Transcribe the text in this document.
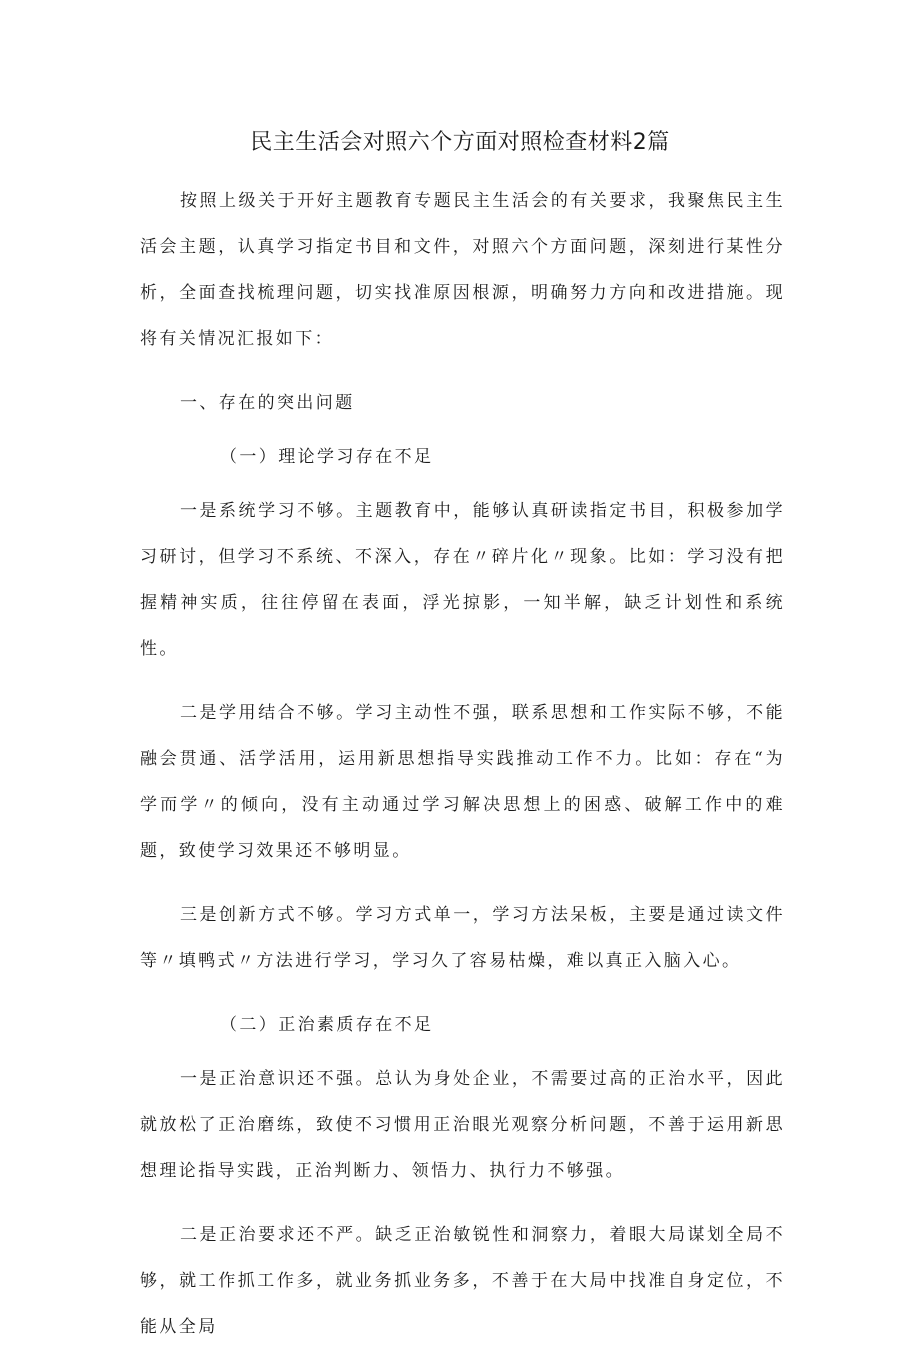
民主生活会对照六个方面对照检查材料2篇

按照上级关于开好主题教育专题民主生活会的有关要求，我聚焦民主生活会主题，认真学习指定书目和文件，对照六个方面问题，深刻进行某性分析，全面查找梳理问题，切实找准原因根源，明确努力方向和改进措施。现将有关情况汇报如下：

一、存在的突出问题

（一）理论学习存在不足

一是系统学习不够。主题教育中，能够认真研读指定书目，积极参加学习研讨，但学习不系统、不深入，存在〃碎片化〃现象。比如：学习没有把握精神实质，往往停留在表面，浮光掠影，一知半解，缺乏计划性和系统性。

二是学用结合不够。学习主动性不强，联系思想和工作实际不够，不能融会贯通、活学活用，运用新思想指导实践推动工作不力。比如：存在“为学而学〃的倾向，没有主动通过学习解决思想上的困惑、破解工作中的难题，致使学习效果还不够明显。

三是创新方式不够。学习方式单一，学习方法呆板，主要是通过读文件等〃填鸭式〃方法进行学习，学习久了容易枯燥，难以真正入脑入心。

（二）正治素质存在不足

一是正治意识还不强。总认为身处企业，不需要过高的正治水平，因此就放松了正治磨练，致使不习惯用正治眼光观察分析问题，不善于运用新思想理论指导实践，正治判断力、领悟力、执行力不够强。

二是正治要求还不严。缺乏正治敏锐性和洞察力，着眼大局谋划全局不够，就工作抓工作多，就业务抓业务多，不善于在大局中找准自身定位，不能从全局
